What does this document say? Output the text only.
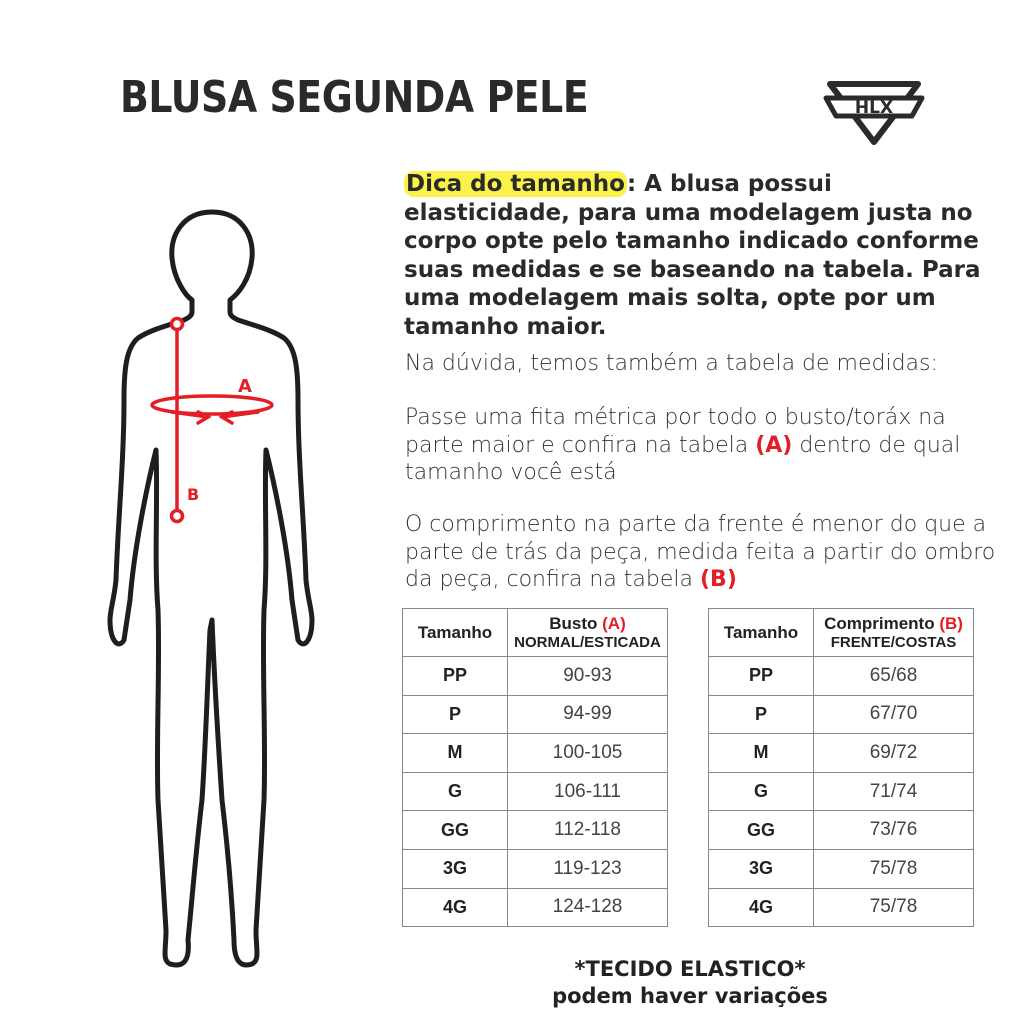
BLUSA SEGUNDA PELE	HLX

Dica do tamanho: A blusa possui elasticidade, para uma modelagem justa no corpo opte pelo tamanho indicado conforme suas medidas e se baseando na tabela. Para uma modelagem mais solta, opte por um tamanho maior.

Na dúvida, temos também a tabela de medidas:

Passe uma fita métrica por todo o busto/toráx na parte maior e confira na tabela (A) dentro de qual tamanho você está

O comprimento na parte da frente é menor do que a parte de trás da peça, medida feita a partir do ombro da peça, confira na tabela (B)

A
B
Tamanho	Busto (A)
NORMAL/ESTICADA

PP	90-93
P	94-99
M	100-105
G	106-111
GG	112-118
3G	119-123
4G	124-128
Tamanho	Comprimento (B)
FRENTE/COSTAS

PP	65/68
P	67/70
M	69/72
G	71/74
GG	73/76
3G	75/78
4G	75/78
*TECIDO ELASTICO*
podem haver variações
